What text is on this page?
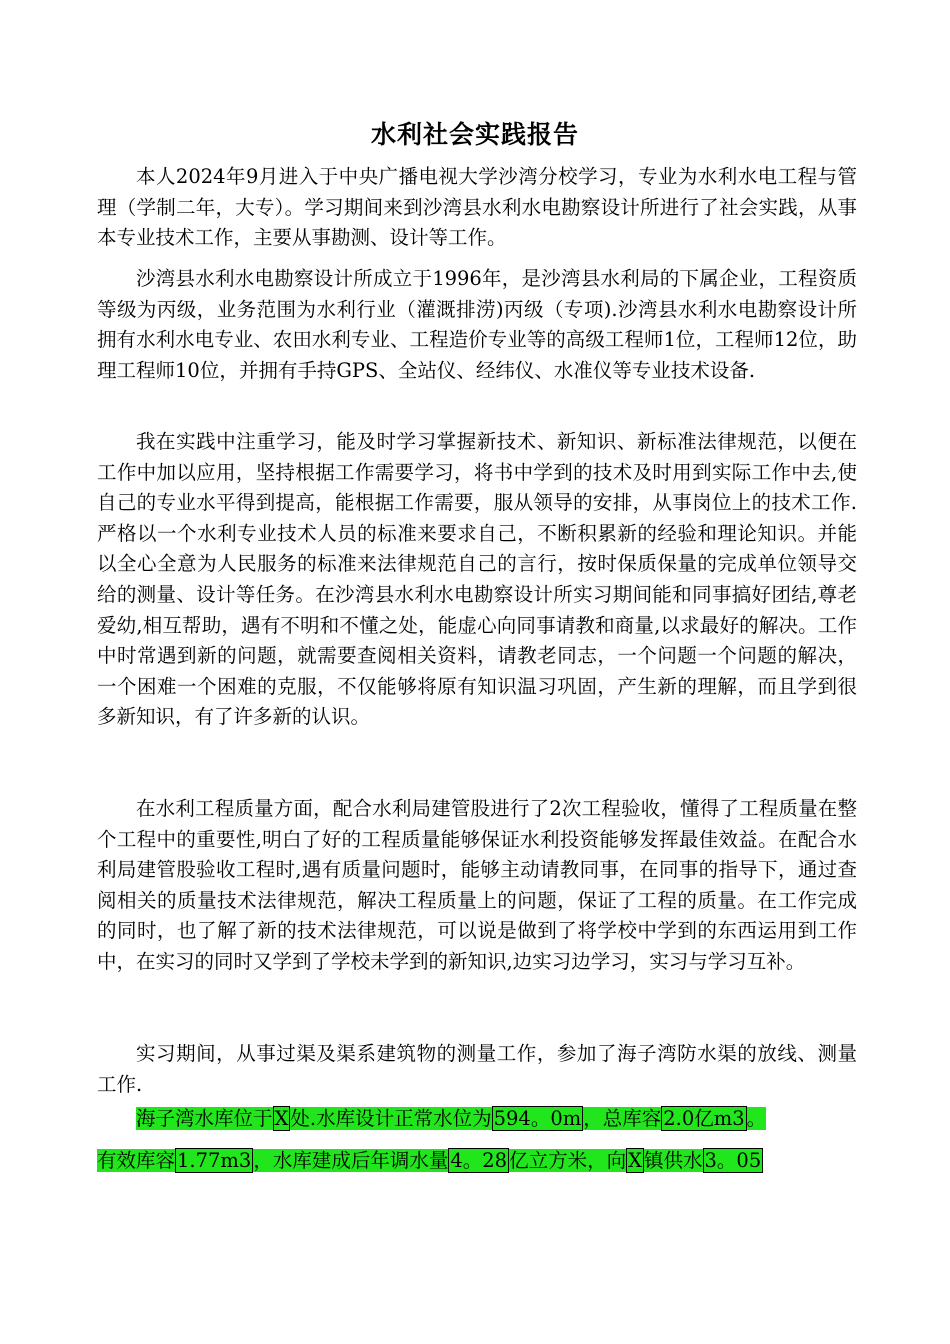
水利社会实践报告

本人2024年9月进入于中央广播电视大学沙湾分校学习，专业为水利水电工程与管理（学制二年，大专）。学习期间来到沙湾县水利水电勘察设计所进行了社会实践，从事本专业技术工作，主要从事勘测、设计等工作。

沙湾县水利水电勘察设计所成立于1996年，是沙湾县水利局的下属企业，工程资质等级为丙级，业务范围为水利行业（灌溉排涝)丙级（专项).沙湾县水利水电勘察设计所拥有水利水电专业、农田水利专业、工程造价专业等的高级工程师1位，工程师12位，助理工程师10位，并拥有手持GPS、全站仪、经纬仪、水准仪等专业技术设备.

我在实践中注重学习，能及时学习掌握新技术、新知识、新标准法律规范，以便在工作中加以应用，坚持根据工作需要学习，将书中学到的技术及时用到实际工作中去,使自己的专业水平得到提高，能根据工作需要，服从领导的安排，从事岗位上的技术工作.严格以一个水利专业技术人员的标准来要求自己，不断积累新的经验和理论知识。并能以全心全意为人民服务的标准来法律规范自己的言行，按时保质保量的完成单位领导交给的测量、设计等任务。在沙湾县水利水电勘察设计所实习期间能和同事搞好团结,尊老爱幼,相互帮助，遇有不明和不懂之处，能虚心向同事请教和商量,以求最好的解决。工作中时常遇到新的问题，就需要查阅相关资料，请教老同志，一个问题一个问题的解决，一个困难一个困难的克服，不仅能够将原有知识温习巩固，产生新的理解，而且学到很多新知识，有了许多新的认识。

在水利工程质量方面，配合水利局建管股进行了2次工程验收，懂得了工程质量在整个工程中的重要性,明白了好的工程质量能够保证水利投资能够发挥最佳效益。在配合水利局建管股验收工程时,遇有质量问题时，能够主动请教同事，在同事的指导下，通过查阅相关的质量技术法律规范，解决工程质量上的问题，保证了工程的质量。在工作完成的同时，也了解了新的技术法律规范，可以说是做到了将学校中学到的东西运用到工作中，在实习的同时又学到了学校未学到的新知识,边实习边学习，实习与学习互补。

实习期间，从事过渠及渠系建筑物的测量工作，参加了海子湾防水渠的放线、测量工作.

海子湾水库位于 X 处.水库设计正常水位为 594。0m ，总库容 2.0亿m3 。
有效库容 1.77m3 ，水库建成后年调水量 4。28 亿立方米，向 X 镇供水 3。05
